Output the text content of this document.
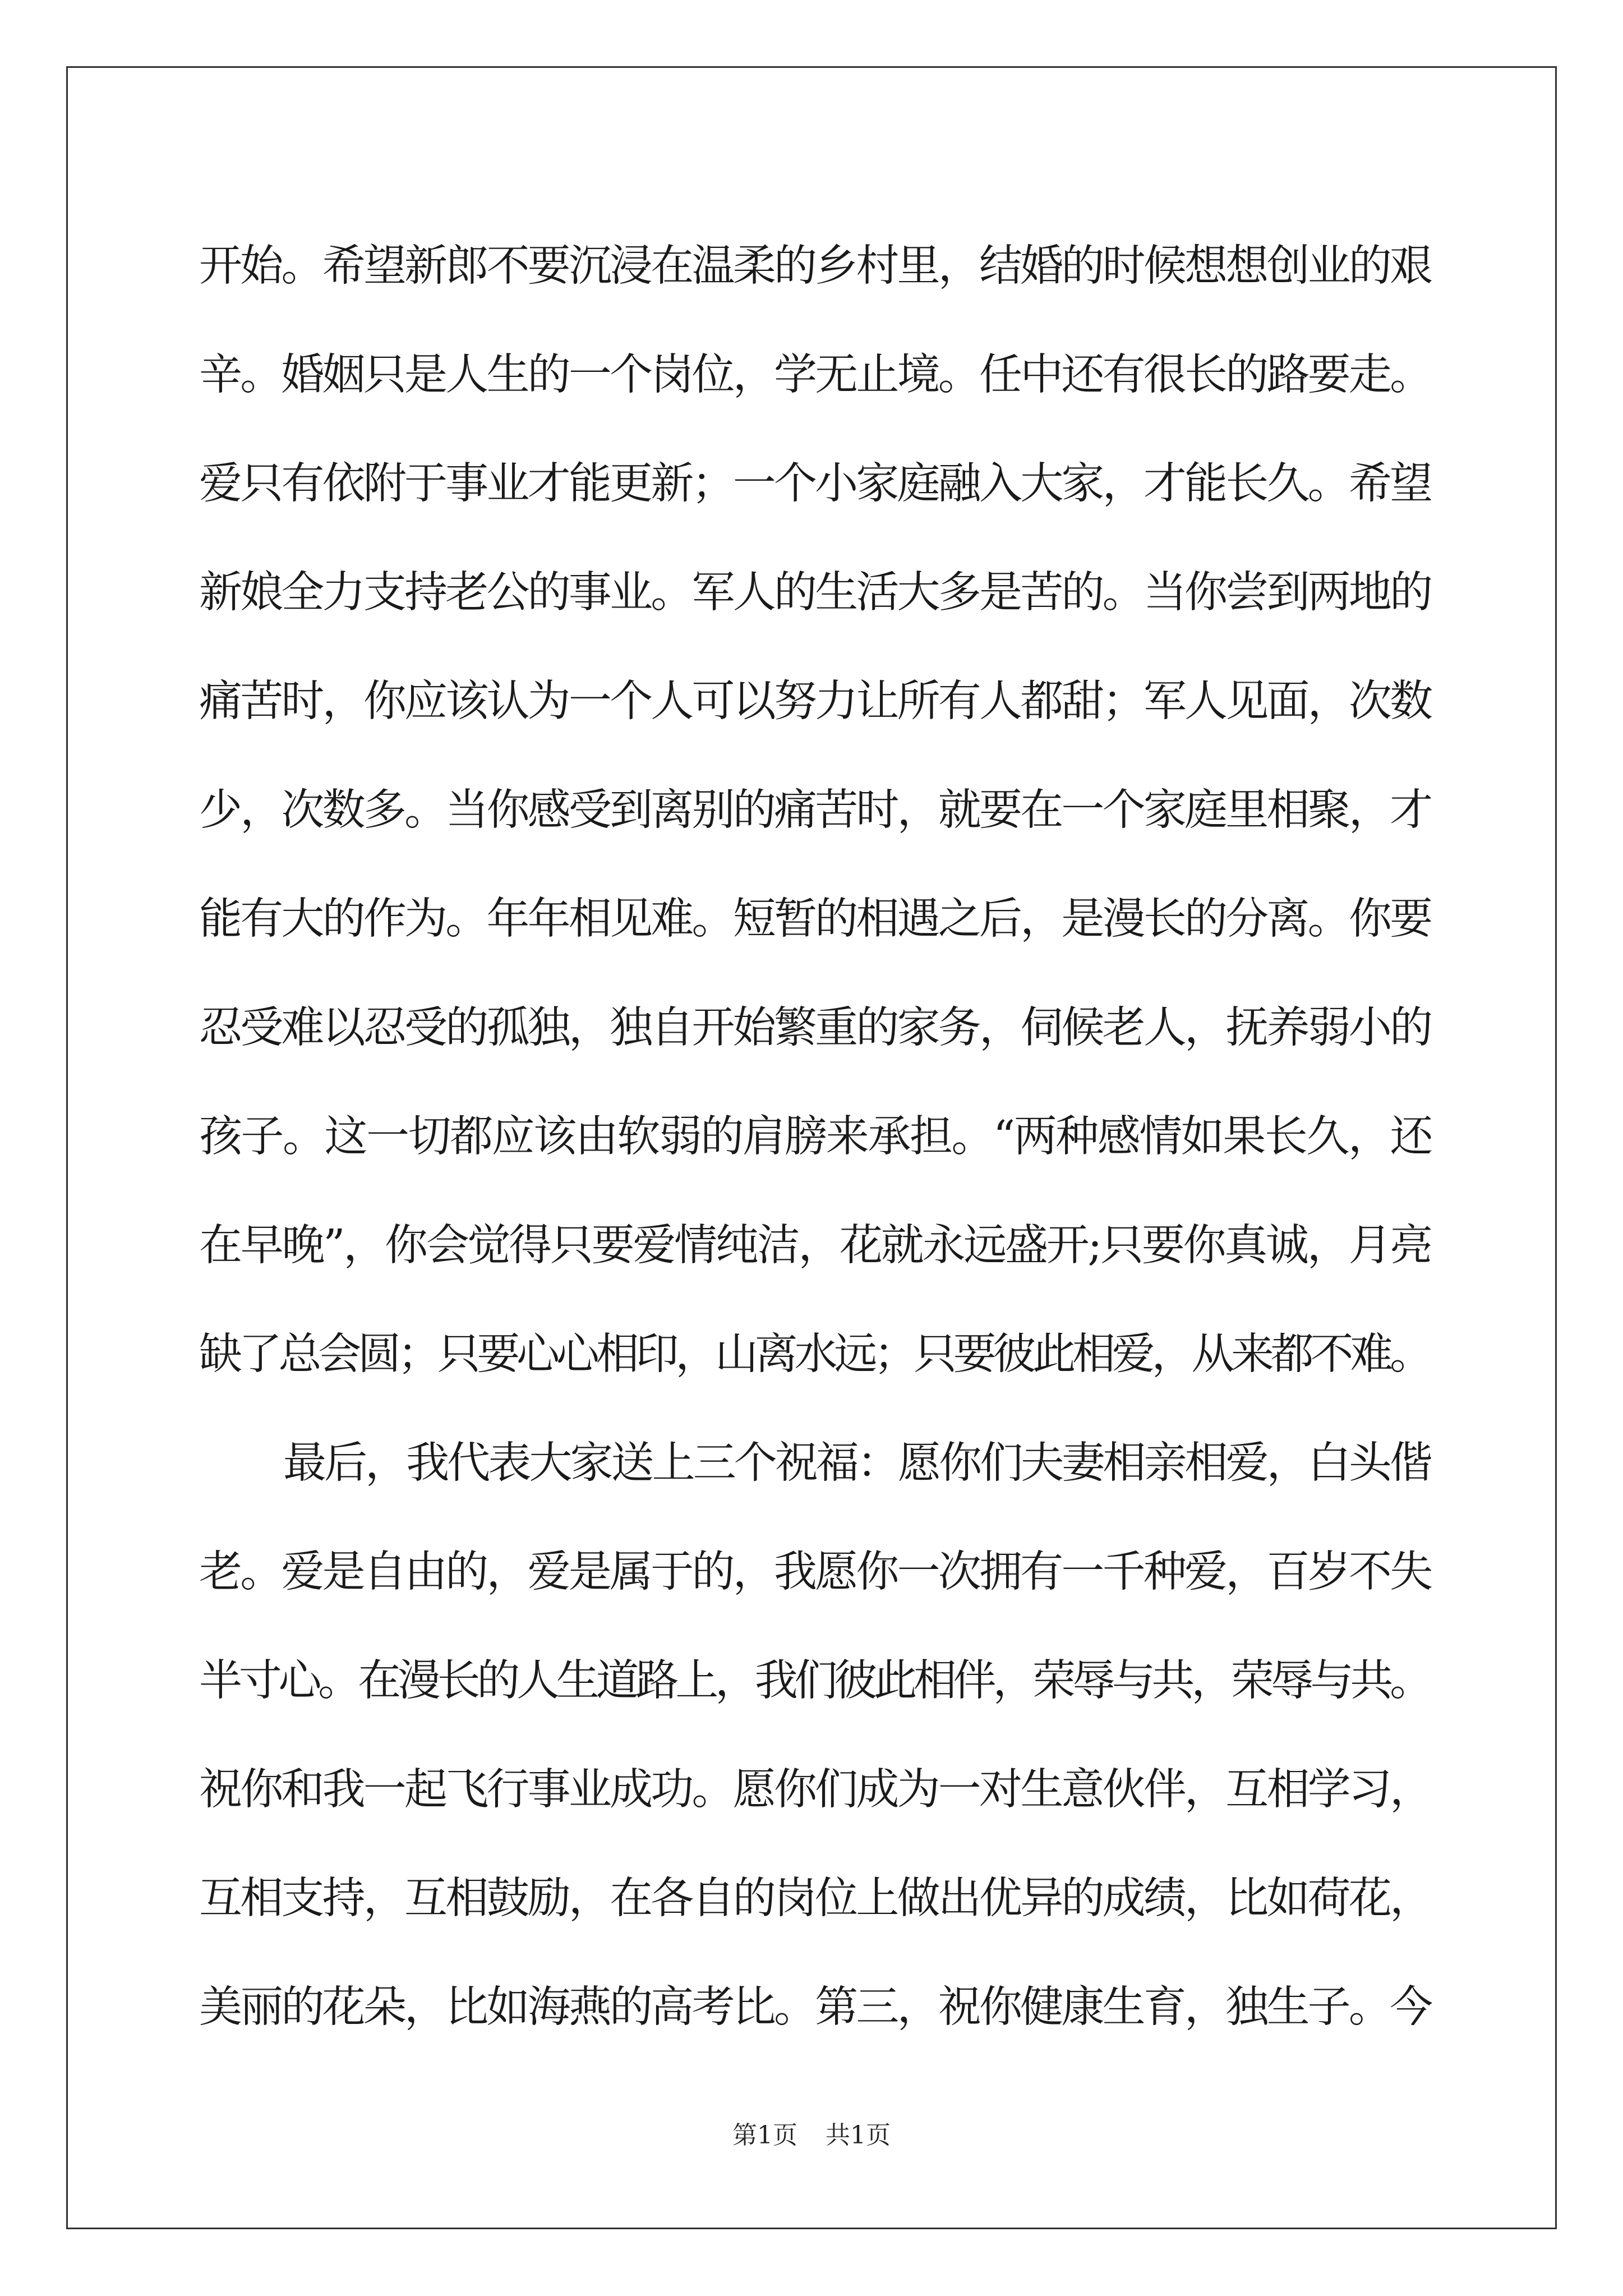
开始。希望新郎不要沉浸在温柔的乡村里，结婚的时候想想创业的艰
辛。婚姻只是人生的一个岗位，学无止境。任中还有很长的路要走。
爱只有依附于事业才能更新；一个小家庭融入大家，才能长久。希望
新娘全力支持老公的事业。军人的生活大多是苦的。当你尝到两地的
痛苦时，你应该认为一个人可以努力让所有人都甜；军人见面，次数
少，次数多。当你感受到离别的痛苦时，就要在一个家庭里相聚，才
能有大的作为。年年相见难。短暂的相遇之后，是漫长的分离。你要
忍受难以忍受的孤独，独自开始繁重的家务，伺候老人，抚养弱小的
孩子。这一切都应该由软弱的肩膀来承担。“两种感情如果长久，还
在早晚”，你会觉得只要爱情纯洁，花就永远盛开;只要你真诚，月亮
缺了总会圆；只要心心相印，山离水远；只要彼此相爱，从来都不难。
最后，我代表大家送上三个祝福：愿你们夫妻相亲相爱，白头偕
老。爱是自由的，爱是属于的，我愿你一次拥有一千种爱，百岁不失
半寸心。在漫长的人生道路上，我们彼此相伴，荣辱与共，荣辱与共。
祝你和我一起飞行事业成功。愿你们成为一对生意伙伴，互相学习，
互相支持，互相鼓励，在各自的岗位上做出优异的成绩，比如荷花，
美丽的花朵，比如海燕的高考比。第三，祝你健康生育，独生子。今
第1页 共1页
